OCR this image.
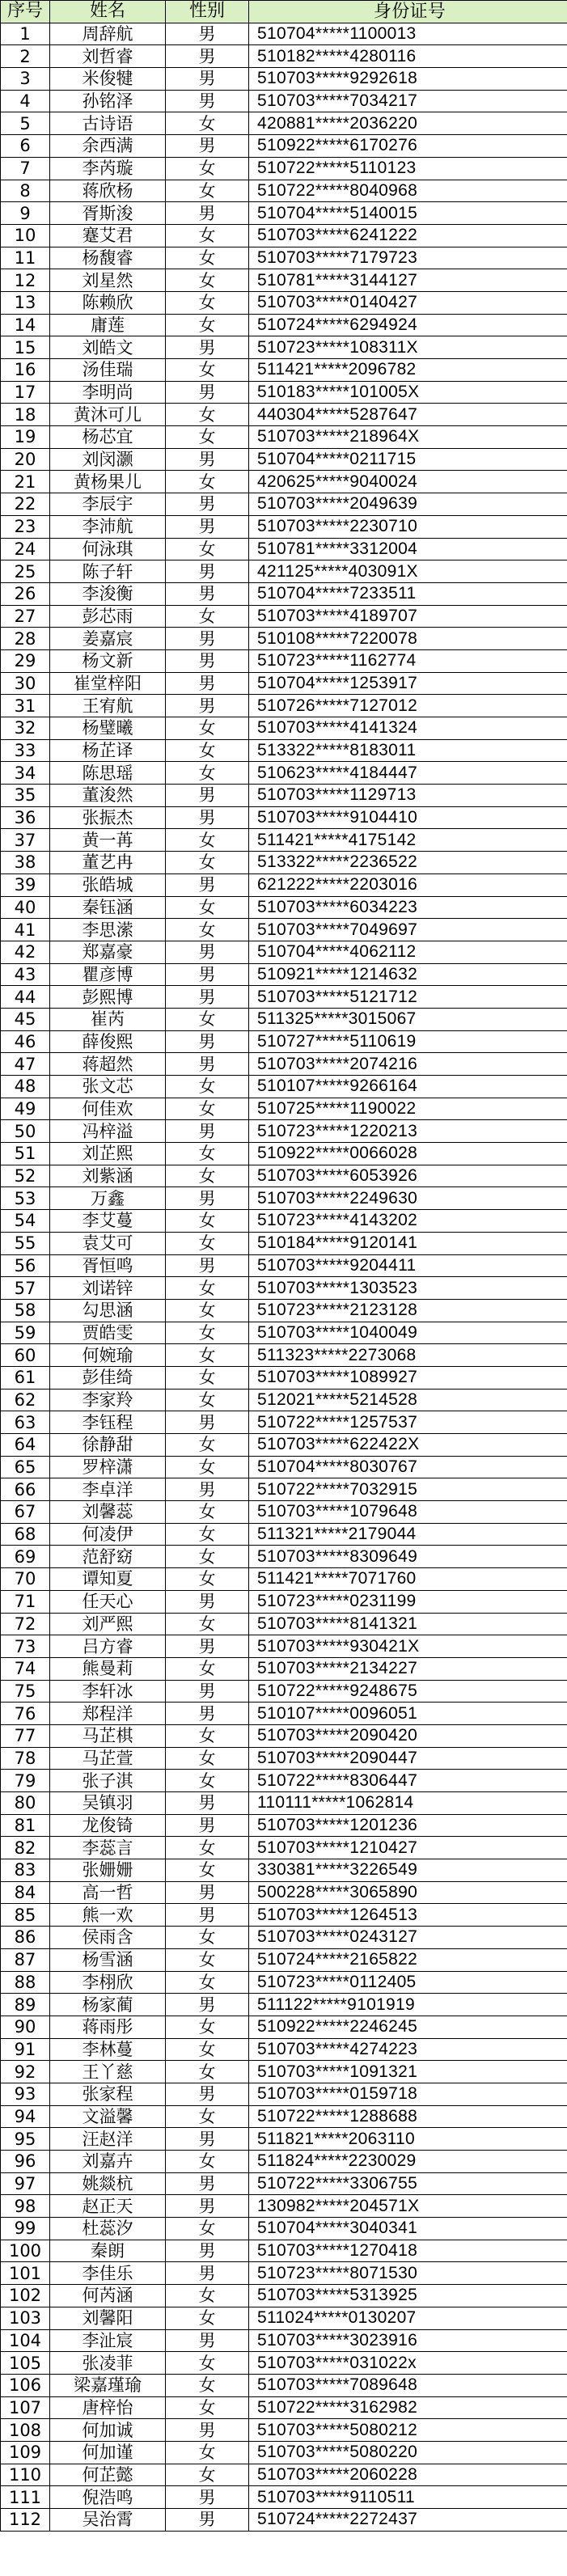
序号	姓名	性别	身份证号
1	周辞航	男	510704*****1100013
2	刘哲睿	男	510182*****4280116
3	米俊犍	男	510703*****9292618
4	孙铭泽	男	510703*****7034217
5	古诗语	女	420881*****2036220
6	余西满	男	510922*****6170276
7	李芮璇	女	510722*****5110123
8	蒋欣杨	女	510722*****8040968
9	胥斯浚	男	510704*****5140015
10	蹇艾君	女	510703*****6241222
11	杨馥睿	女	510703*****7179723
12	刘星然	女	510781*****3144127
13	陈赖欣	女	510703*****0140427
14	庸莲	女	510724*****6294924
15	刘皓文	男	510723*****108311X
16	汤佳瑞	女	511421*****2096782
17	李明尚	男	510183*****101005X
18	黄沐可儿	女	440304*****5287647
19	杨芯宜	女	510703*****218964X
20	刘闵灏	男	510704*****0211715
21	黄杨果儿	女	420625*****9040024
22	李辰宇	男	510703*****2049639
23	李沛航	男	510703*****2230710
24	何泳琪	女	510781*****3312004
25	陈子轩	男	421125*****403091X
26	李浚衡	男	510704*****7233511
27	彭芯雨	女	510703*****4189707
28	姜嘉宸	男	510108*****7220078
29	杨文新	男	510723*****1162774
30	崔堂梓阳	男	510704*****1253917
31	王宥航	男	510726*****7127012
32	杨璧曦	女	510703*****4141324
33	杨芷译	女	513322*****8183011
34	陈思瑶	女	510623*****4184447
35	董浚然	男	510703*****1129713
36	张振杰	男	510703*****9104410
37	黄一苒	女	511421*****4175142
38	董艺冉	女	513322*****2236522
39	张皓城	男	621222*****2203016
40	秦钰涵	女	510703*****6034223
41	李思潆	女	510703*****7049697
42	郑嘉豪	男	510704*****4062112
43	瞿彦博	男	510921*****1214632
44	彭熙博	男	510703*****5121712
45	崔芮	女	511325*****3015067
46	薛俊熙	男	510727*****5110619
47	蒋超然	男	510703*****2074216
48	张文芯	女	510107*****9266164
49	何佳欢	女	510725*****1190022
50	冯梓溢	男	510723*****1220213
51	刘芷熙	女	510922*****0066028
52	刘紫涵	女	510703*****6053926
53	万鑫	男	510703*****2249630
54	李艾蔓	女	510723*****4143202
55	袁艾可	女	510184*****9120141
56	胥恒鸣	男	510703*****9204411
57	刘诺锌	女	510703*****1303523
58	勾思涵	女	510723*****2123128
59	贾皓雯	女	510703*****1040049
60	何婉瑜	女	511323*****2273068
61	彭佳绮	女	510703*****1089927
62	李家羚	女	512021*****5214528
63	李钰程	男	510722*****1257537
64	徐静甜	女	510703*****622422X
65	罗梓潇	女	510704*****8030767
66	李卓洋	男	510722*****7032915
67	刘馨蕊	女	510703*****1079648
68	何凌伊	女	511321*****2179044
69	范舒窈	女	510703*****8309649
70	谭知夏	女	511421*****7071760
71	任天心	男	510723*****0231199
72	刘严熙	女	510703*****8141321
73	吕方睿	男	510703*****930421X
74	熊曼莉	女	510703*****2134227
75	李轩冰	男	510722*****9248675
76	郑程洋	男	510107*****0096051
77	马芷棋	女	510703*****2090420
78	马芷萱	女	510703*****2090447
79	张子淇	女	510722*****8306447
80	吴镇羽	男	110111*****1062814
81	龙俊锜	男	510703*****1201236
82	李蕊言	女	510703*****1210427
83	张姗姗	女	330381*****3226549
84	高一哲	男	500228*****3065890
85	熊一欢	男	510703*****1264513
86	侯雨含	女	510703*****0243127
87	杨雪涵	女	510724*****2165822
88	李栩欣	女	510723*****0112405
89	杨家蔺	男	511122*****9101919
90	蒋雨彤	女	510922*****2246245
91	李林蔓	女	510703*****4274223
92	王丫慈	女	510703*****1091321
93	张家程	男	510703*****0159718
94	文溢馨	女	510722*****1288688
95	汪赵洋	男	511821*****2063110
96	刘嘉卉	女	511824*****2230029
97	姚燚杭	男	510722*****3306755
98	赵正天	男	130982*****204571X
99	杜蕊汐	女	510704*****3040341
100	秦朗	男	510703*****1270418
101	李佳乐	男	510723*****8071530
102	何芮涵	女	510703*****5313925
103	刘馨阳	女	511024*****0130207
104	李沚宸	男	510703*****3023916
105	张凌菲	女	510703*****031022x
106	梁嘉瑾瑜	女	510703*****7089648
107	唐梓怡	女	510722*****3162982
108	何加诚	男	510703*****5080212
109	何加谨	女	510703*****5080220
110	何芷懿	女	510703*****2060228
111	倪浩鸣	男	510703*****9110511
112	吴治霄	男	510724*****2272437
